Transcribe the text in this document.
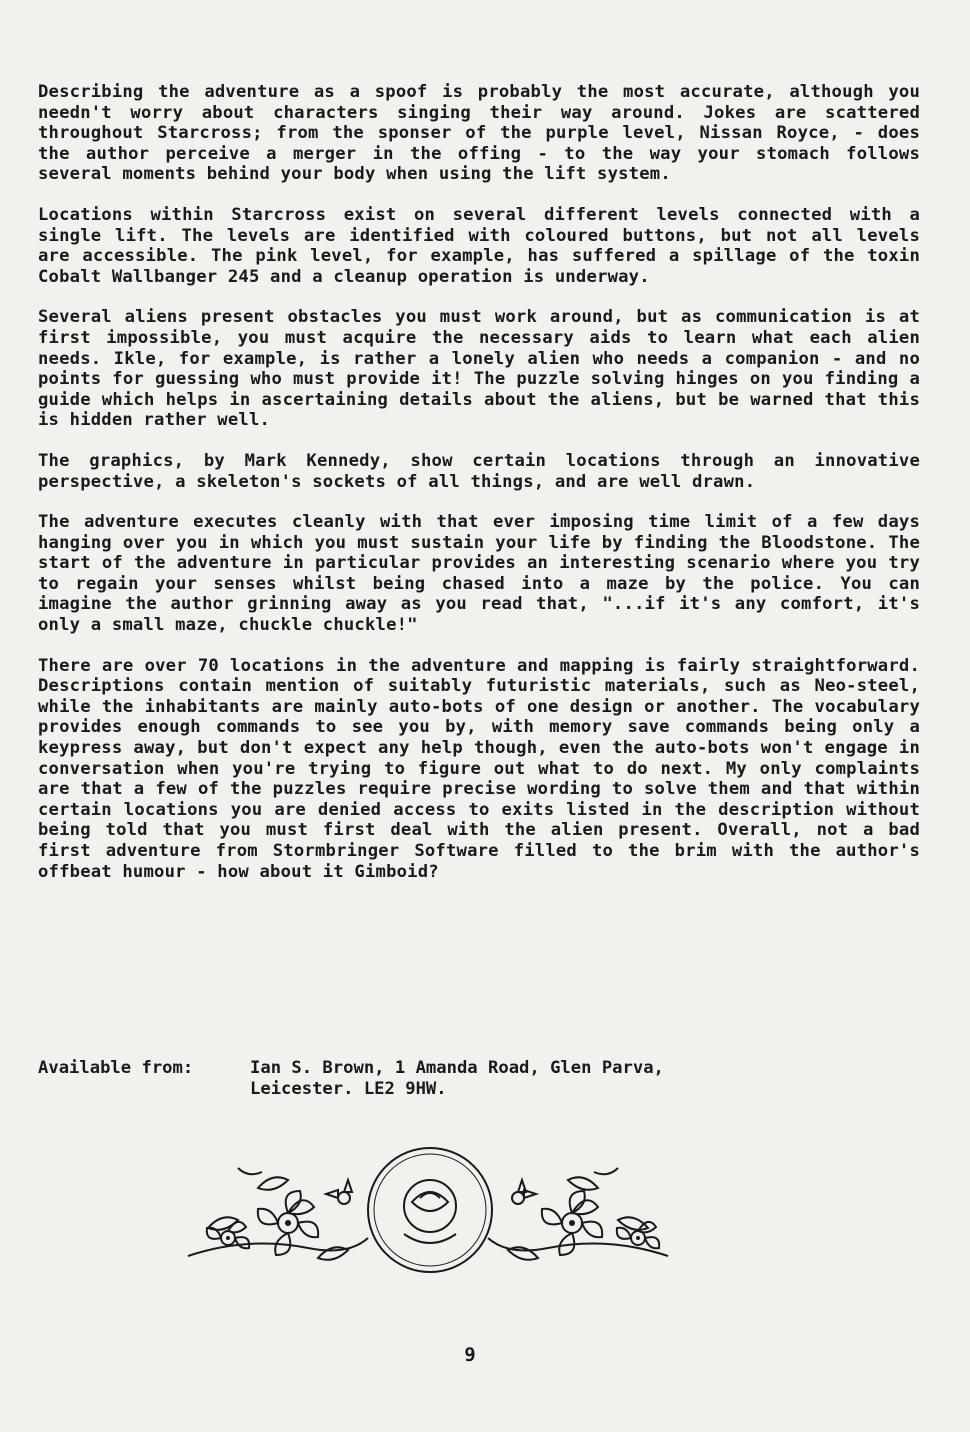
Describing the adventure as a spoof is probably the most accurate, although you needn't worry about characters singing their way around. Jokes are scattered throughout Starcross; from the sponser of the purple level, Nissan Royce, - does the author perceive a merger in the offing - to the way your stomach follows several moments behind your body when using the lift system.

Locations within Starcross exist on several different levels connected with a single lift. The levels are identified with coloured buttons, but not all levels are accessible. The pink level, for example, has suffered a spillage of the toxin Cobalt Wallbanger 245 and a cleanup operation is underway.

Several aliens present obstacles you must work around, but as communication is at first impossible, you must acquire the necessary aids to learn what each alien needs. Ikle, for example, is rather a lonely alien who needs a companion - and no points for guessing who must provide it! The puzzle solving hinges on you finding a guide which helps in ascertaining details about the aliens, but be warned that this is hidden rather well.

The graphics, by Mark Kennedy, show certain locations through an innovative perspective, a skeleton's sockets of all things, and are well drawn.

The adventure executes cleanly with that ever imposing time limit of a few days hanging over you in which you must sustain your life by finding the Bloodstone. The start of the adventure in particular provides an interesting scenario where you try to regain your senses whilst being chased into a maze by the police. You can imagine the author grinning away as you read that, "...if it's any comfort, it's only a small maze, chuckle chuckle!"

There are over 70 locations in the adventure and mapping is fairly straightforward. Descriptions contain mention of suitably futuristic materials, such as Neo-steel, while the inhabitants are mainly auto-bots of one design or another. The vocabulary provides enough commands to see you by, with memory save commands being only a keypress away, but don't expect any help though, even the auto-bots won't engage in conversation when you're trying to figure out what to do next. My only complaints are that a few of the puzzles require precise wording to solve them and that within certain locations you are denied access to exits listed in the description without being told that you must first deal with the alien present. Overall, not a bad first adventure from Stormbringer Software filled to the brim with the author's offbeat humour - how about it Gimboid?

Available from:	Ian S. Brown, 1 Amanda Road, Glen Parva,
Leicester. LE2 9HW.
9
